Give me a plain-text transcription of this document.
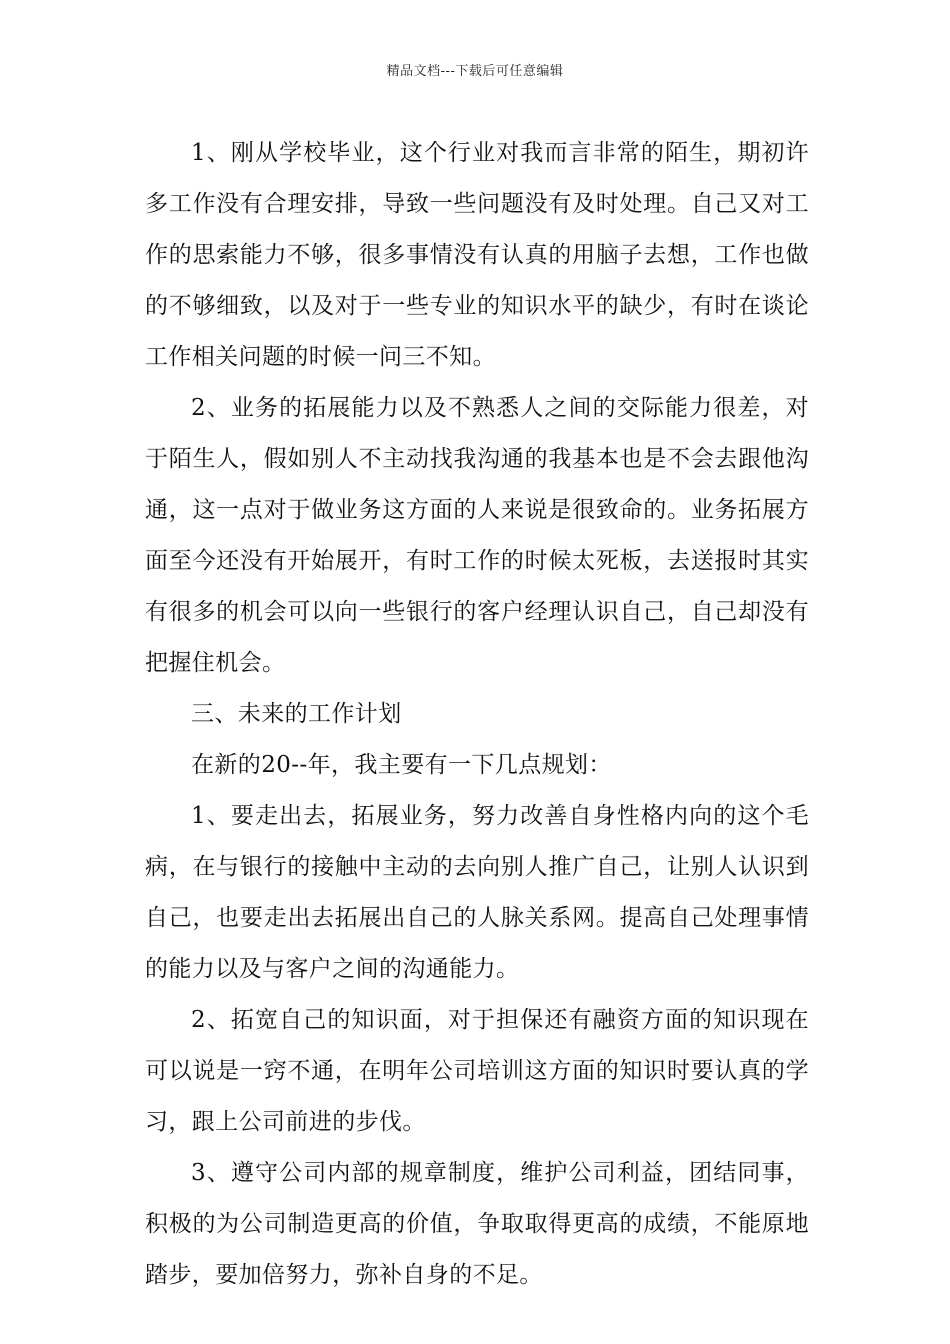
精品文档---下载后可任意编辑

1、刚从学校毕业，这个行业对我而言非常的陌生，期初许多工作没有合理安排，导致一些问题没有及时处理。自己又对工作的思索能力不够，很多事情没有认真的用脑子去想，工作也做的不够细致，以及对于一些专业的知识水平的缺少，有时在谈论工作相关问题的时候一问三不知。

2、业务的拓展能力以及不熟悉人之间的交际能力很差，对于陌生人，假如别人不主动找我沟通的我基本也是不会去跟他沟通，这一点对于做业务这方面的人来说是很致命的。业务拓展方面至今还没有开始展开，有时工作的时候太死板，去送报时其实有很多的机会可以向一些银行的客户经理认识自己，自己却没有把握住机会。

三、未来的工作计划

在新的20--年，我主要有一下几点规划：

1、要走出去，拓展业务，努力改善自身性格内向的这个毛病，在与银行的接触中主动的去向别人推广自己，让别人认识到自己，也要走出去拓展出自己的人脉关系网。提高自己处理事情的能力以及与客户之间的沟通能力。

2、拓宽自己的知识面，对于担保还有融资方面的知识现在可以说是一窍不通，在明年公司培训这方面的知识时要认真的学习，跟上公司前进的步伐。

3、遵守公司内部的规章制度，维护公司利益，团结同事，积极的为公司制造更高的价值，争取取得更高的成绩，不能原地踏步，要加倍努力，弥补自身的不足。
